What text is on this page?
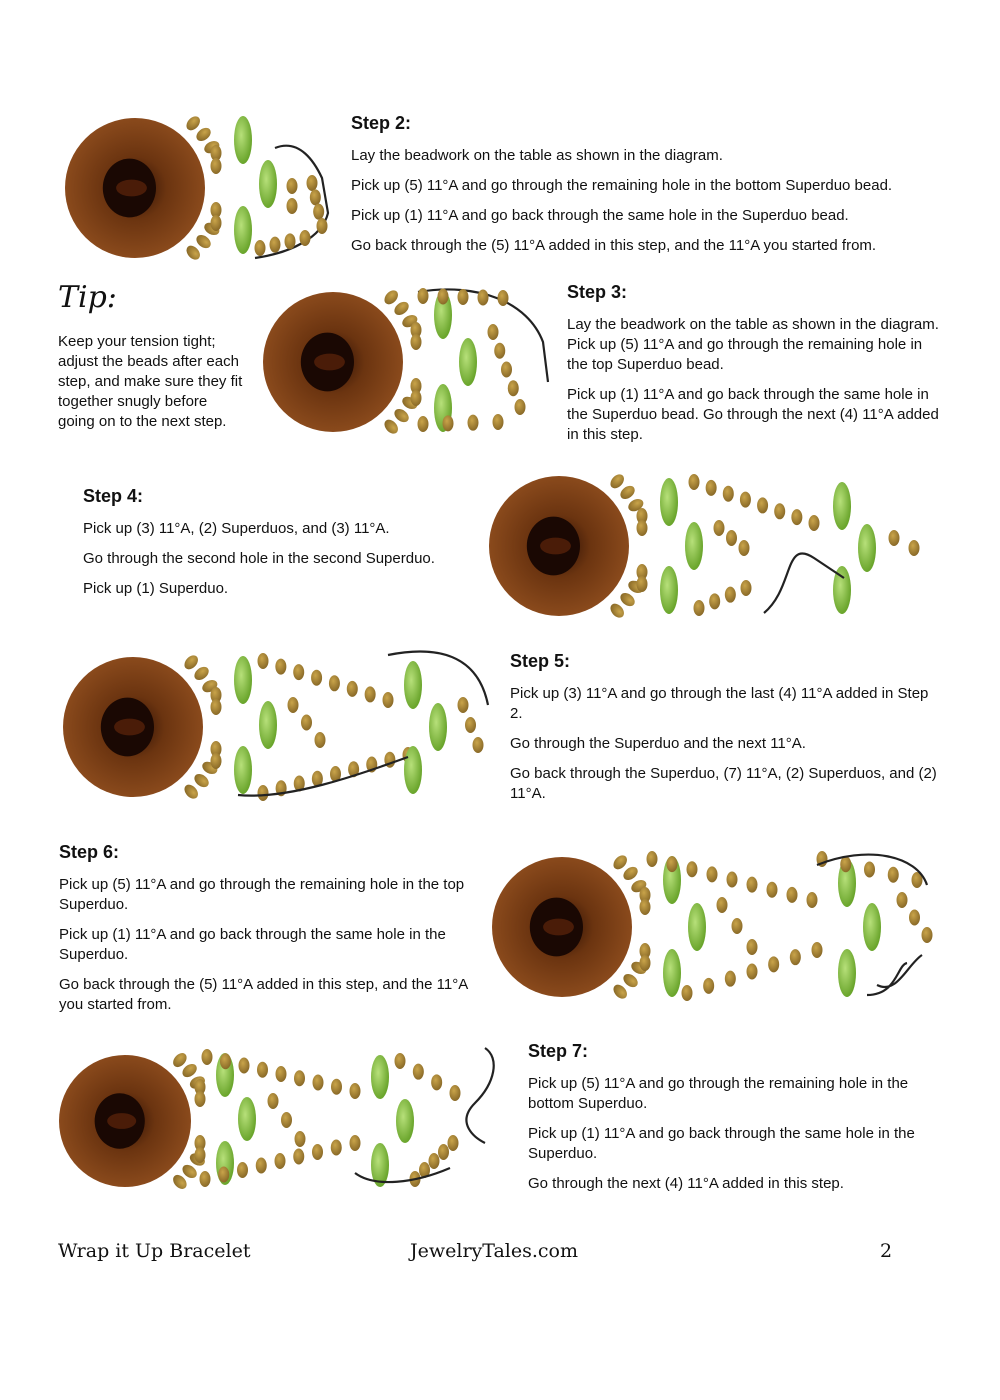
Step 2:

Lay the beadwork on the table as shown in the diagram.

Pick up (5) 11°A and go through the remaining hole in the bottom Superduo bead.

Pick up (1) 11°A and go back through the same hole in the Superduo bead.

Go back through the (5) 11°A added in this step, and the 11°A you started from.

Tip:
Keep your tension tight; adjust the beads after each step, and make sure they fit together snugly before going on to the next step.
Step 3:

Lay the beadwork on the table as shown in the diagram. Pick up (5) 11°A and go through the remaining hole in the top Superduo bead.

Pick up (1) 11°A and go back through the same hole in the Superduo bead. Go through the next (4) 11°A added in this step.

Step 4:

Pick up (3) 11°A, (2) Superduos, and (3) 11°A.

Go through the second hole in the second Superduo.

Pick up (1) Superduo.

Step 5:

Pick up (3) 11°A and go through the last (4) 11°A added in Step 2.

Go through the Superduo and the next 11°A.

Go back through the Superduo, (7) 11°A, (2) Superduos, and (2) 11°A.

Step 6:

Pick up (5) 11°A and go through the remaining hole in the top Superduo.

Pick up (1) 11°A and go back through the same hole in the Superduo.

Go back through the (5) 11°A added in this step, and the 11°A you started from.

Step 7:

Pick up (5) 11°A and go through the remaining hole in the bottom Superduo.

Pick up (1) 11°A and go back through the same hole in the Superduo.

Go through the next (4) 11°A added in this step.

Wrap it Up Bracelet	JewelryTales.com	2
